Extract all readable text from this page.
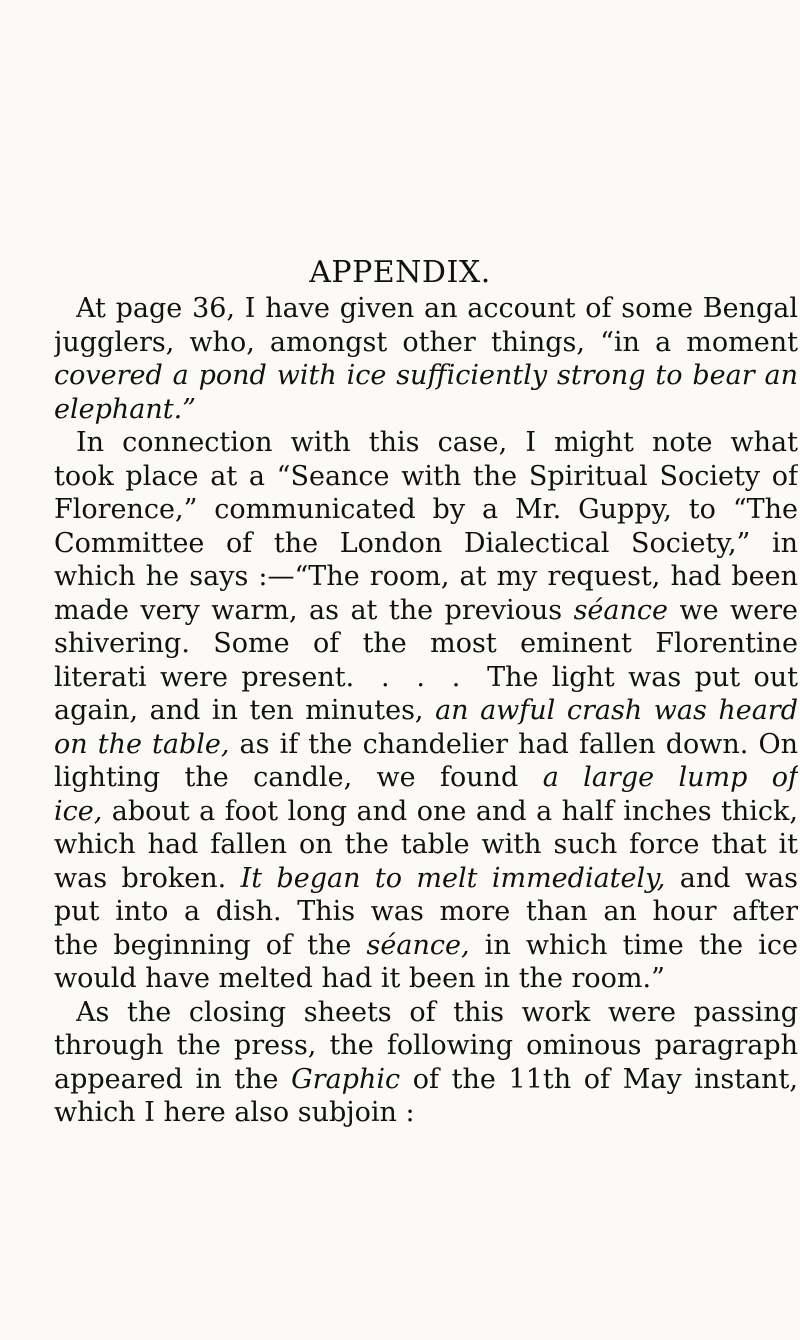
APPENDIX.
At page 36, I have given an account of some Bengal
jugglers, who, amongst other things, “in a moment
covered a pond with ice sufficiently strong to bear an
elephant.”
In connection with this case, I might note what
took place at a “Seance with the Spiritual Society of
Florence,” communicated by a Mr. Guppy, to “The
Committee of the London Dialectical Society,” in
which he says :—“The room, at my request, had been
made very warm, as at the previous séance we were
shivering. Some of the most eminent Florentine
literati were present.  .  .  .  The light was put out
again, and in ten minutes, an awful crash was heard
on the table, as if the chandelier had fallen down. On
lighting the candle, we found a large lump of
ice, about a foot long and one and a half inches thick,
which had fallen on the table with such force that it
was broken. It began to melt immediately, and was
put into a dish. This was more than an hour after
the beginning of the séance, in which time the ice
would have melted had it been in the room.”
As the closing sheets of this work were passing
through the press, the following ominous paragraph
appeared in the Graphic of the 11th of May instant,
which I here also subjoin :
